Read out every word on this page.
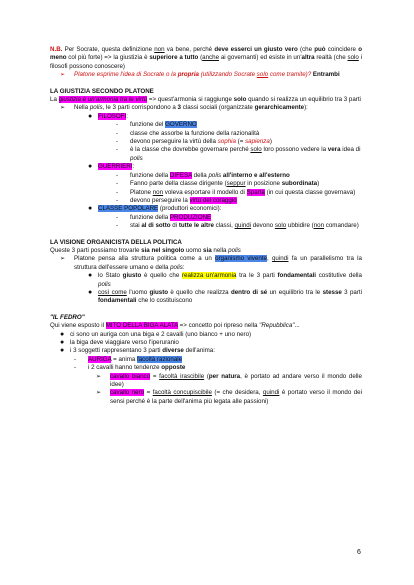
N.B. Per Socrate, questa definizione non va bene, perché deve esserci un giusto vero (che può coincidere o meno col più forte) => la giustizia è superiore a tutto (anche ai governanti) ed esiste in un'altra realtà (che solo i filosofi possono conoscere)

➢	Platone esprime l'idea di Socrate o la propria (utilizzando Socrate solo come tramite)? Entrambi

LA GIUSTIZIA SECONDO PLATONE

La giustizia è un'armonia tra le virtù => quest'armonia si raggiunge solo quando si realizza un equilibrio tra 3 parti

➢	Nella polis, le 3 parti corrispondono a 3 classi sociali (organizzate gerarchicamente):

● FILOSOFI:

-	funzione del GOVERNO

-	classe che assorbe la funzione della razionalità

-	devono perseguire la virtù della sophia (= sapienza)

-	è la classe che dovrebbe governare perché solo loro possono vedere la vera idea di polis

● GUERRIERI:

-	funzione della DIFESA della polis all'interno e all'esterno

-	Fanno parte della classe dirigente (seppur in posizione subordinata)

-	Platone non voleva esportare il modello di Sparta (in cui questa classe governava)

-	devono perseguire la virtù del coraggio

● CLASSE POPOLARE (produttori economici):

-	funzione della PRODUZIONE

-	stai al di sotto di tutte le altre classi, quindi devono solo ubbidire (non comandare)

LA VISIONE ORGANICISTA DELLA POLITICA

Queste 3 parti possiamo trovarle sia nel singolo uomo sia nella polis

➢	Platone pensa alla struttura politica come a un organismo vivente, quindi fa un parallelismo tra la struttura dell'essere umano e della polis:

● lo Stato giusto è quello che realizza un'armonia tra le 3 parti fondamentali costitutive della polis

● così come l'uomo giusto è quello che realizza dentro di sé un equilibrio tra le stesse 3 parti fondamentali che lo costituiscono

"IL FEDRO"

Qui viene esposto il MITO DELLA BIGA ALATA => concetto poi ripreso nella "Repubblica"...

● ci sono un auriga con una biga e 2 cavalli (uno bianco + uno nero)

● la biga deve viaggiare verso l'iperuranio

● i 3 soggetti rappresentano 3 parti diverse dell'anima:

-	AURIGA = anima facoltà razionale

-	i 2 cavalli hanno tendenze opposte

➢	cavallo bianco = facoltà irascibile (per natura, è portato ad andare verso il mondo delle idee)

➢	cavallo nero = facoltà concupiscibile (= che desidera, quindi è portato verso il mondo dei sensi perché è la parte dell'anima più legata alle passioni)

6
